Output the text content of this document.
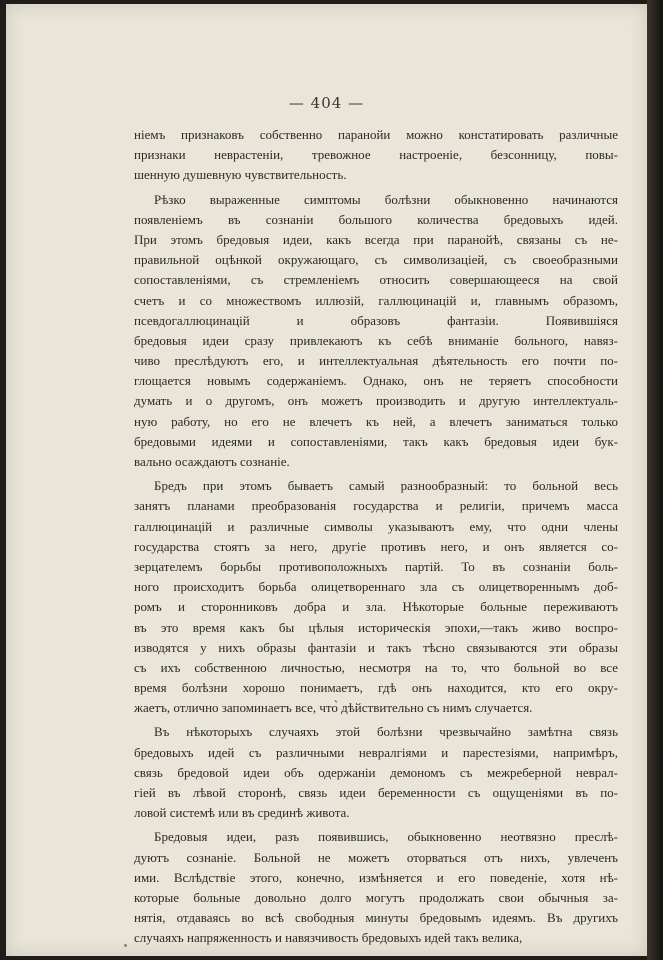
— 404 —
ніемъ признаковъ собственно паранойи можно констатировать различные
признаки неврастеніи, тревожное настроеніе, безсонницу, повы-
шенную душевную чувствительность.
Рѣзко выраженные симптомы болѣзни обыкновенно начинаются
появленіемъ въ сознаніи большого количества бредовыхъ идей.
При этомъ бредовыя идеи, какъ всегда при паранойѣ, связаны съ не-
правильной оцѣнкой окружающаго, съ символизаціей, съ своеобразными
сопоставленіями, съ стремленіемъ относить совершающееся на свой
счетъ и со множествомъ иллюзій, галлюцинацій и, главнымъ образомъ,
псевдогаллюцинацій и образовъ фантазіи. Появившіяся
бредовыя идеи сразу привлекаютъ къ себѣ вниманіе больного, навяз-
чиво преслѣдуютъ его, и интеллектуальная дѣятельность его почти по-
глощается новымъ содержаніемъ. Однако, онъ не теряетъ способности
думать и о другомъ, онъ можетъ производить и другую интеллектуаль-
ную работу, но его не влечетъ къ ней, а влечетъ заниматься только
бредовыми идеями и сопоставленіями, такъ какъ бредовыя идеи бук-
вально осаждаютъ сознаніе.
Бредъ при этомъ бываетъ самый разнообразный: то больной весь
занятъ планами преобразованія государства и религіи, причемъ масса
галлюцинацій и различные символы указываютъ ему, что одни члены
государства стоятъ за него, другіе противъ него, и онъ является со-
зерцателемъ борьбы противоположныхъ партій. То въ сознаніи боль-
ного происходитъ борьба олицетвореннаго зла съ олицетвореннымъ доб-
ромъ и сторонниковъ добра и зла. Нѣкоторые больные переживаютъ
въ это время какъ бы цѣлыя историческія эпохи,—такъ живо воспро-
изводятся у нихъ образы фантазіи и такъ тѣсно связываются эти образы
съ ихъ собственною личностью, несмотря на то, что больной во все
время болѣзни хорошо понимаетъ, гдѣ онъ находится, кто его окру-
жаетъ, отлично запоминаетъ все, что̀ дѣйствительно съ нимъ случается.
Въ нѣкоторыхъ случаяхъ этой болѣзни чрезвычайно замѣтна связь
бредовыхъ идей съ различными невралгіями и парестезіями, напримѣръ,
связь бредовой идеи объ одержаніи демономъ съ межреберной неврал-
гіей въ лѣвой сторонѣ, связь идеи беременности съ ощущеніями въ по-
ловой системѣ или въ срединѣ живота.
Бредовыя идеи, разъ появившись, обыкновенно неотвязно преслѣ-
дуютъ сознаніе. Больной не можетъ оторваться отъ нихъ, увлеченъ
ими. Вслѣдствіе этого, конечно, измѣняется и его поведеніе, хотя нѣ-
которые больные довольно долго могутъ продолжать свои обычныя за-
нятія, отдаваясь во всѣ свободныя минуты бредовымъ идеямъ. Въ другихъ
случаяхъ напряженность и навязчивость бредовыхъ идей такъ велика,
